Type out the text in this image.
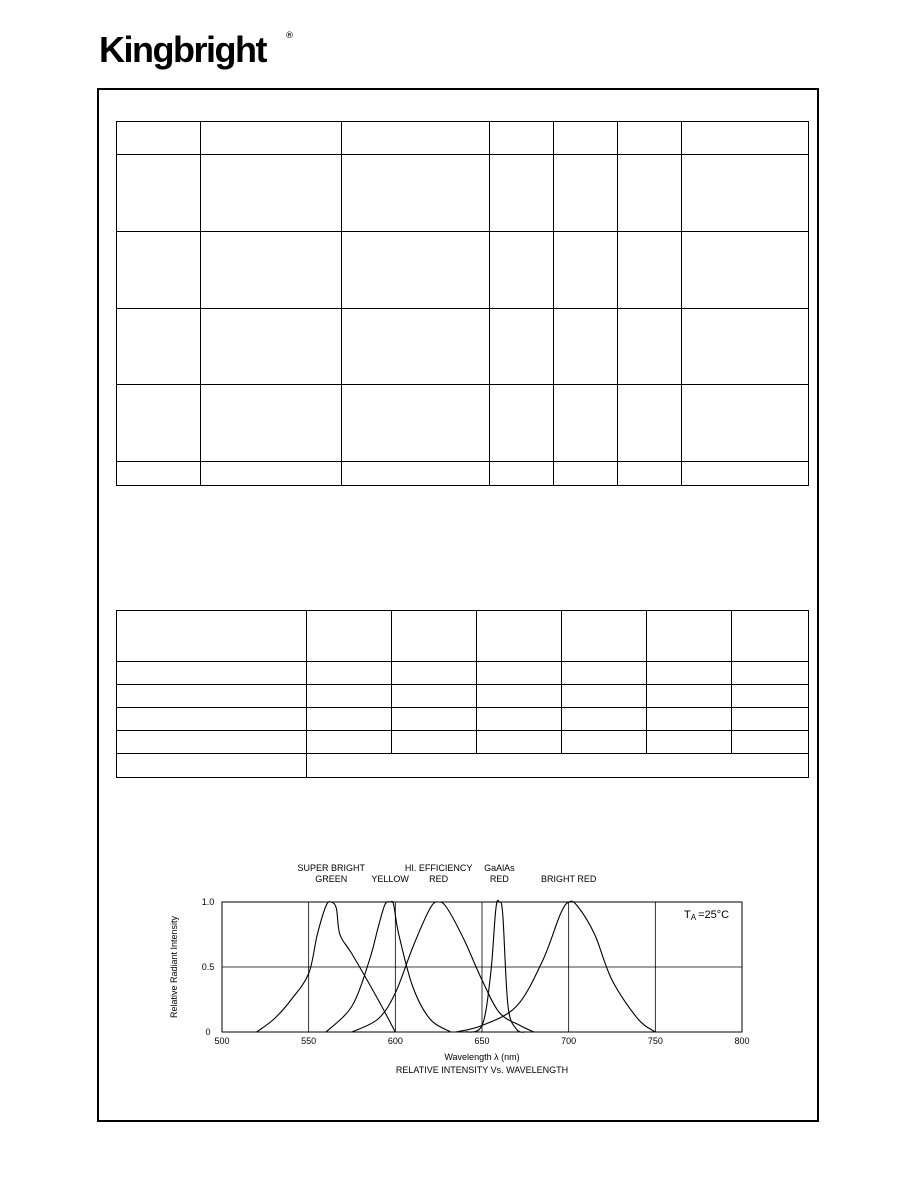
Kingbright ®

500	550	600	650	700	750	800
0
0.5
1.0
Wavelength λ (nm)
RELATIVE INTENSITY Vs. WAVELENGTH
Relative Radiant Intensity
SUPER BRIGHT
GREEN	YELLOW
HI. EFFICIENCY
RED
GaAlAs
RED	BRIGHT RED
TA =25°C
